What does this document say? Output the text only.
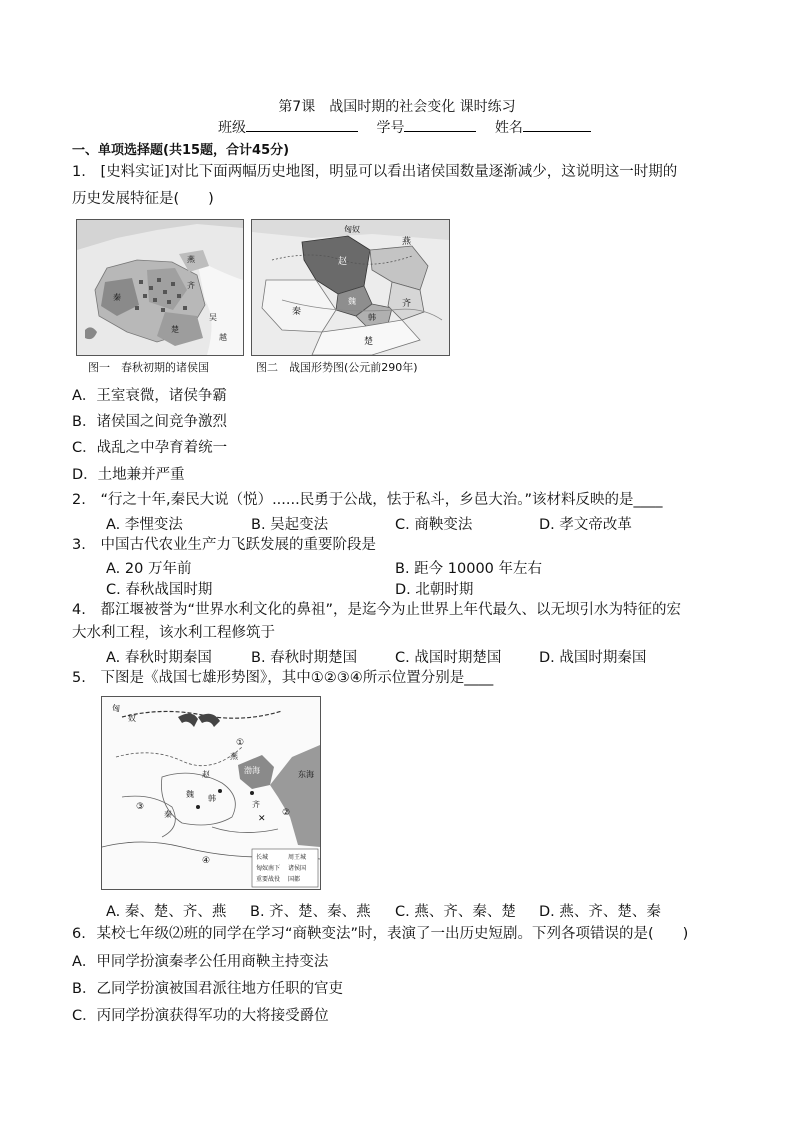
第7课　战国时期的社会变化 课时练习
班级	学号	姓名
一、单项选择题(共15题，合计45分)
1. [史料实证]对比下面两幅历史地图，明显可以看出诸侯国数量逐渐减少，这说明这一时期的
历史发展特征是(　　)
齐
秦
楚
吴
越
燕
图一　春秋初期的诸侯国
匈奴
燕
赵
魏
韩
齐
秦
楚
图二　战国形势图(公元前290年)
A．王室衰微，诸侯争霸
B．诸侯国之间竞争激烈
C．战乱之中孕育着统一
D．土地兼并严重
2. “行之十年,秦民大说（悦）......民勇于公战，怯于私斗，乡邑大治。”该材料反映的是____
A. 李悝变法	B. 吴起变法	C. 商鞅变法	D. 孝文帝改革
3. 中国古代农业生产力飞跃发展的重要阶段是
A. 20 万年前	B. 距今 10000 年左右
C. 春秋战国时期	D. 北朝时期
4. 都江堰被誉为“世界水利文化的鼻祖”，是迄今为止世界上年代最久、以无坝引水为特征的宏
大水利工程，该水利工程修筑于
A. 春秋时期秦国	B. 春秋时期楚国	C. 战国时期楚国	D. 战国时期秦国
5. 下图是《战国七雄形势图》，其中①②③④所示位置分别是____
✕
匈
奴
①
②
③
④
渤海	东海
赵
韩
魏
齐
燕
秦
长城
匈奴南下
重要战役
周王城
诸侯国
国都
A. 秦、楚、齐、燕 B. 齐、楚、秦、燕 C. 燕、齐、秦、楚 D. 燕、齐、楚、秦
6. 某校七年级⑵班的同学在学习“商鞅变法”时，表演了一出历史短剧。下列各项错误的是(　　)
A．甲同学扮演秦孝公任用商鞅主持变法
B．乙同学扮演被国君派往地方任职的官吏
C．丙同学扮演获得军功的大将接受爵位
